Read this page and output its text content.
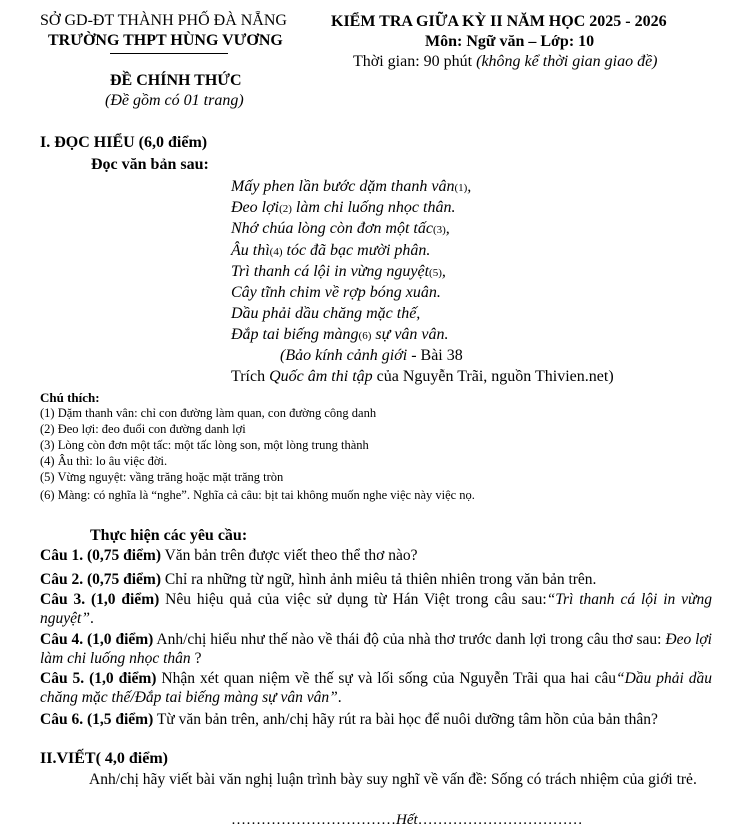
SỞ GD-ĐT THÀNH PHỐ ĐÀ NẴNG
TRƯỜNG THPT HÙNG VƯƠNG
KIỂM TRA GIỮA KỲ II NĂM HỌC 2025 - 2026
Môn: Ngữ văn – Lớp: 10
Thời gian: 90 phút (không kể thời gian giao đề)
ĐỀ CHÍNH THỨC
(Đề gồm có 01 trang)
I. ĐỌC HIỂU (6,0 điểm)
Đọc văn bản sau:
Mấy phen lần bước dặm thanh vân(1),
Đeo lợi(2) làm chi luống nhọc thân.
Nhớ chúa lòng còn đơn một tấc(3),
Âu thì(4) tóc đã bạc mười phân.
Trì thanh cá lội in vừng nguyệt(5),
Cây tĩnh chim về rợp bóng xuân.
Dầu phải dầu chăng mặc thế,
Đắp tai biếng màng(6) sự vân vân.
(Bảo kính cảnh giới - Bài 38
Trích Quốc âm thi tập của Nguyễn Trãi, nguồn Thivien.net)
Chú thích:
(1) Dặm thanh vân: chỉ con đường làm quan, con đường công danh
(2) Đeo lợi: đeo đuổi con đường danh lợi
(3) Lòng còn đơn một tấc: một tấc lòng son, một lòng trung thành
(4) Âu thì: lo âu việc đời.
(5) Vừng nguyệt: vầng trăng hoặc mặt trăng tròn
(6) Màng: có nghĩa là “nghe”. Nghĩa cả câu: bịt tai không muốn nghe việc này việc nọ.
Thực hiện các yêu cầu:
Câu 1. (0,75 điểm) Văn bản trên được viết theo thể thơ nào?
Câu 2. (0,75 điểm) Chỉ ra những từ ngữ, hình ảnh miêu tả thiên nhiên trong văn bản trên.
Câu 3. (1,0 điểm) Nêu hiệu quả của việc sử dụng từ Hán Việt trong câu sau:“Trì thanh cá lội in vừng nguyệt”.
Câu 4. (1,0 điểm) Anh/chị hiểu như thế nào về thái độ của nhà thơ trước danh lợi trong câu thơ sau: Đeo lợi làm chi luống nhọc thân ?
Câu 5. (1,0 điểm) Nhận xét quan niệm về thế sự và lối sống của Nguyễn Trãi qua hai câu“Dầu phải dầu chăng mặc thế/Đắp tai biếng màng sự vân vân”.
Câu 6. (1,5 điểm) Từ văn bản trên, anh/chị hãy rút ra bài học để nuôi dưỡng tâm hồn của bản thân?
II.VIẾT( 4,0 điểm)
Anh/chị hãy viết bài văn nghị luận trình bày suy nghĩ về vấn đề: Sống có trách nhiệm của giới trẻ.
……………………………Hết……………………………
